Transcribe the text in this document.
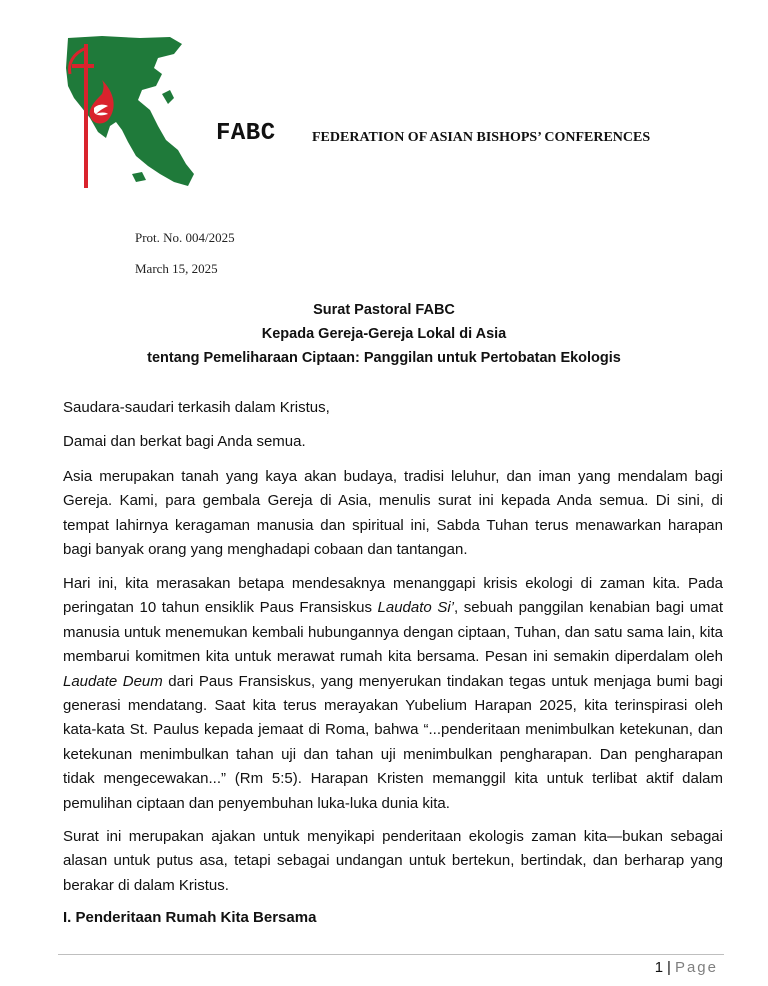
FABC	FEDERATION OF ASIAN BISHOPS’ CONFERENCES
Prot. No. 004/2025
March 15, 2025
Surat Pastoral FABC
Kepada Gereja-Gereja Lokal di Asia
tentang Pemeliharaan Ciptaan: Panggilan untuk Pertobatan Ekologis

Saudara-saudari terkasih dalam Kristus,

Damai dan berkat bagi Anda semua.

Asia merupakan tanah yang kaya akan budaya, tradisi leluhur, dan iman yang mendalam bagi Gereja. Kami, para gembala Gereja di Asia, menulis surat ini kepada Anda semua. Di sini, di tempat lahirnya keragaman manusia dan spiritual ini, Sabda Tuhan terus menawarkan harapan bagi banyak orang yang menghadapi cobaan dan tantangan.

Hari ini, kita merasakan betapa mendesaknya menanggapi krisis ekologi di zaman kita. Pada peringatan 10 tahun ensiklik Paus Fransiskus Laudato Si’, sebuah panggilan kenabian bagi umat manusia untuk menemukan kembali hubungannya dengan ciptaan, Tuhan, dan satu sama lain, kita membarui komitmen kita untuk merawat rumah kita bersama. Pesan ini semakin diperdalam oleh Laudate Deum dari Paus Fransiskus, yang menyerukan tindakan tegas untuk menjaga bumi bagi generasi mendatang. Saat kita terus merayakan Yubelium Harapan 2025, kita terinspirasi oleh kata-kata St. Paulus kepada jemaat di Roma, bahwa “...penderitaan menimbulkan ketekunan, dan ketekunan menimbulkan tahan uji dan tahan uji menimbulkan pengharapan. Dan pengharapan tidak mengecewakan...” (Rm 5:5). Harapan Kristen memanggil kita untuk terlibat aktif dalam pemulihan ciptaan dan penyembuhan luka-luka dunia kita.

Surat ini merupakan ajakan untuk menyikapi penderitaan ekologis zaman kita—bukan sebagai alasan untuk putus asa, tetapi sebagai undangan untuk bertekun, bertindak, dan berharap yang berakar di dalam Kristus.

I. Penderitaan Rumah Kita Bersama

1 | Page
